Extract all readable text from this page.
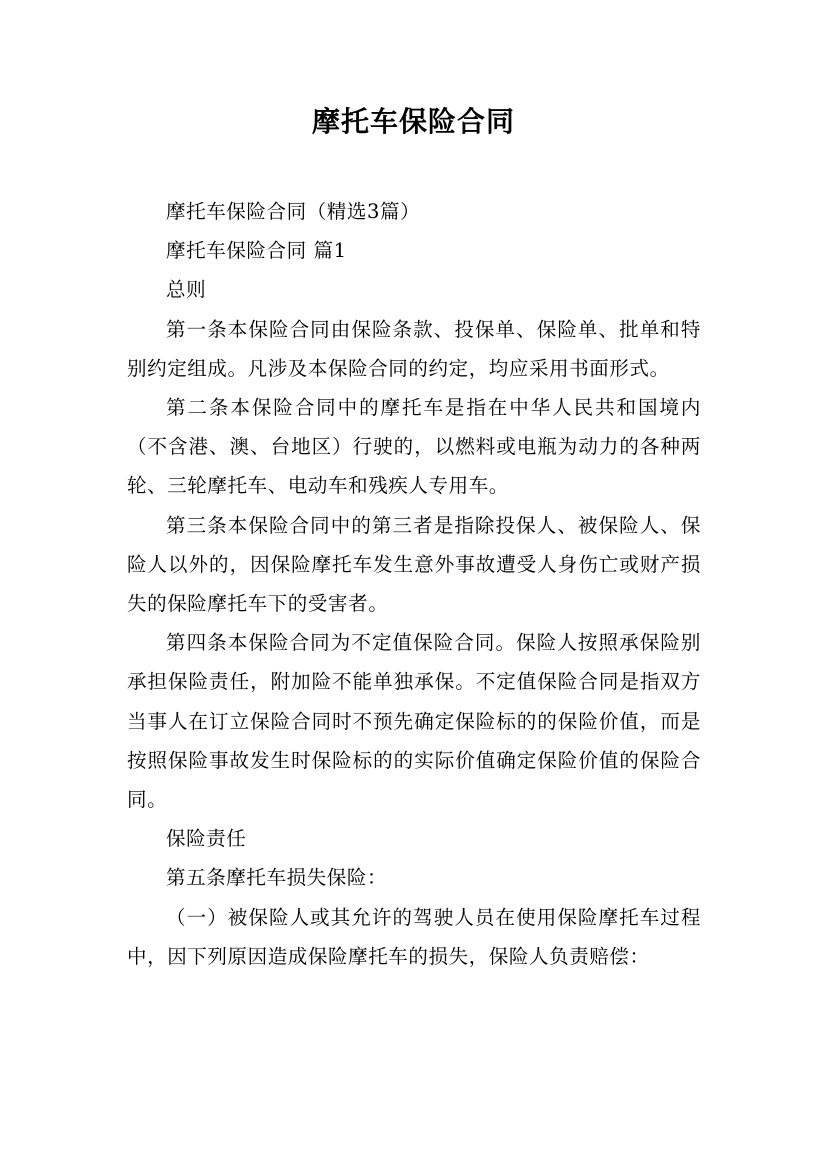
摩托车保险合同

摩托车保险合同（精选3篇）

摩托车保险合同 篇1

总则

第一条本保险合同由保险条款、投保单、保险单、批单和特别约定组成。凡涉及本保险合同的约定，均应采用书面形式。

第二条本保险合同中的摩托车是指在中华人民共和国境内（不含港、澳、台地区）行驶的，以燃料或电瓶为动力的各种两轮、三轮摩托车、电动车和残疾人专用车。

第三条本保险合同中的第三者是指除投保人、被保险人、保险人以外的，因保险摩托车发生意外事故遭受人身伤亡或财产损失的保险摩托车下的受害者。

第四条本保险合同为不定值保险合同。保险人按照承保险别承担保险责任，附加险不能单独承保。不定值保险合同是指双方当事人在订立保险合同时不预先确定保险标的的保险价值，而是按照保险事故发生时保险标的的实际价值确定保险价值的保险合同。

保险责任

第五条摩托车损失保险：

（一）被保险人或其允许的驾驶人员在使用保险摩托车过程中，因下列原因造成保险摩托车的损失，保险人负责赔偿：
